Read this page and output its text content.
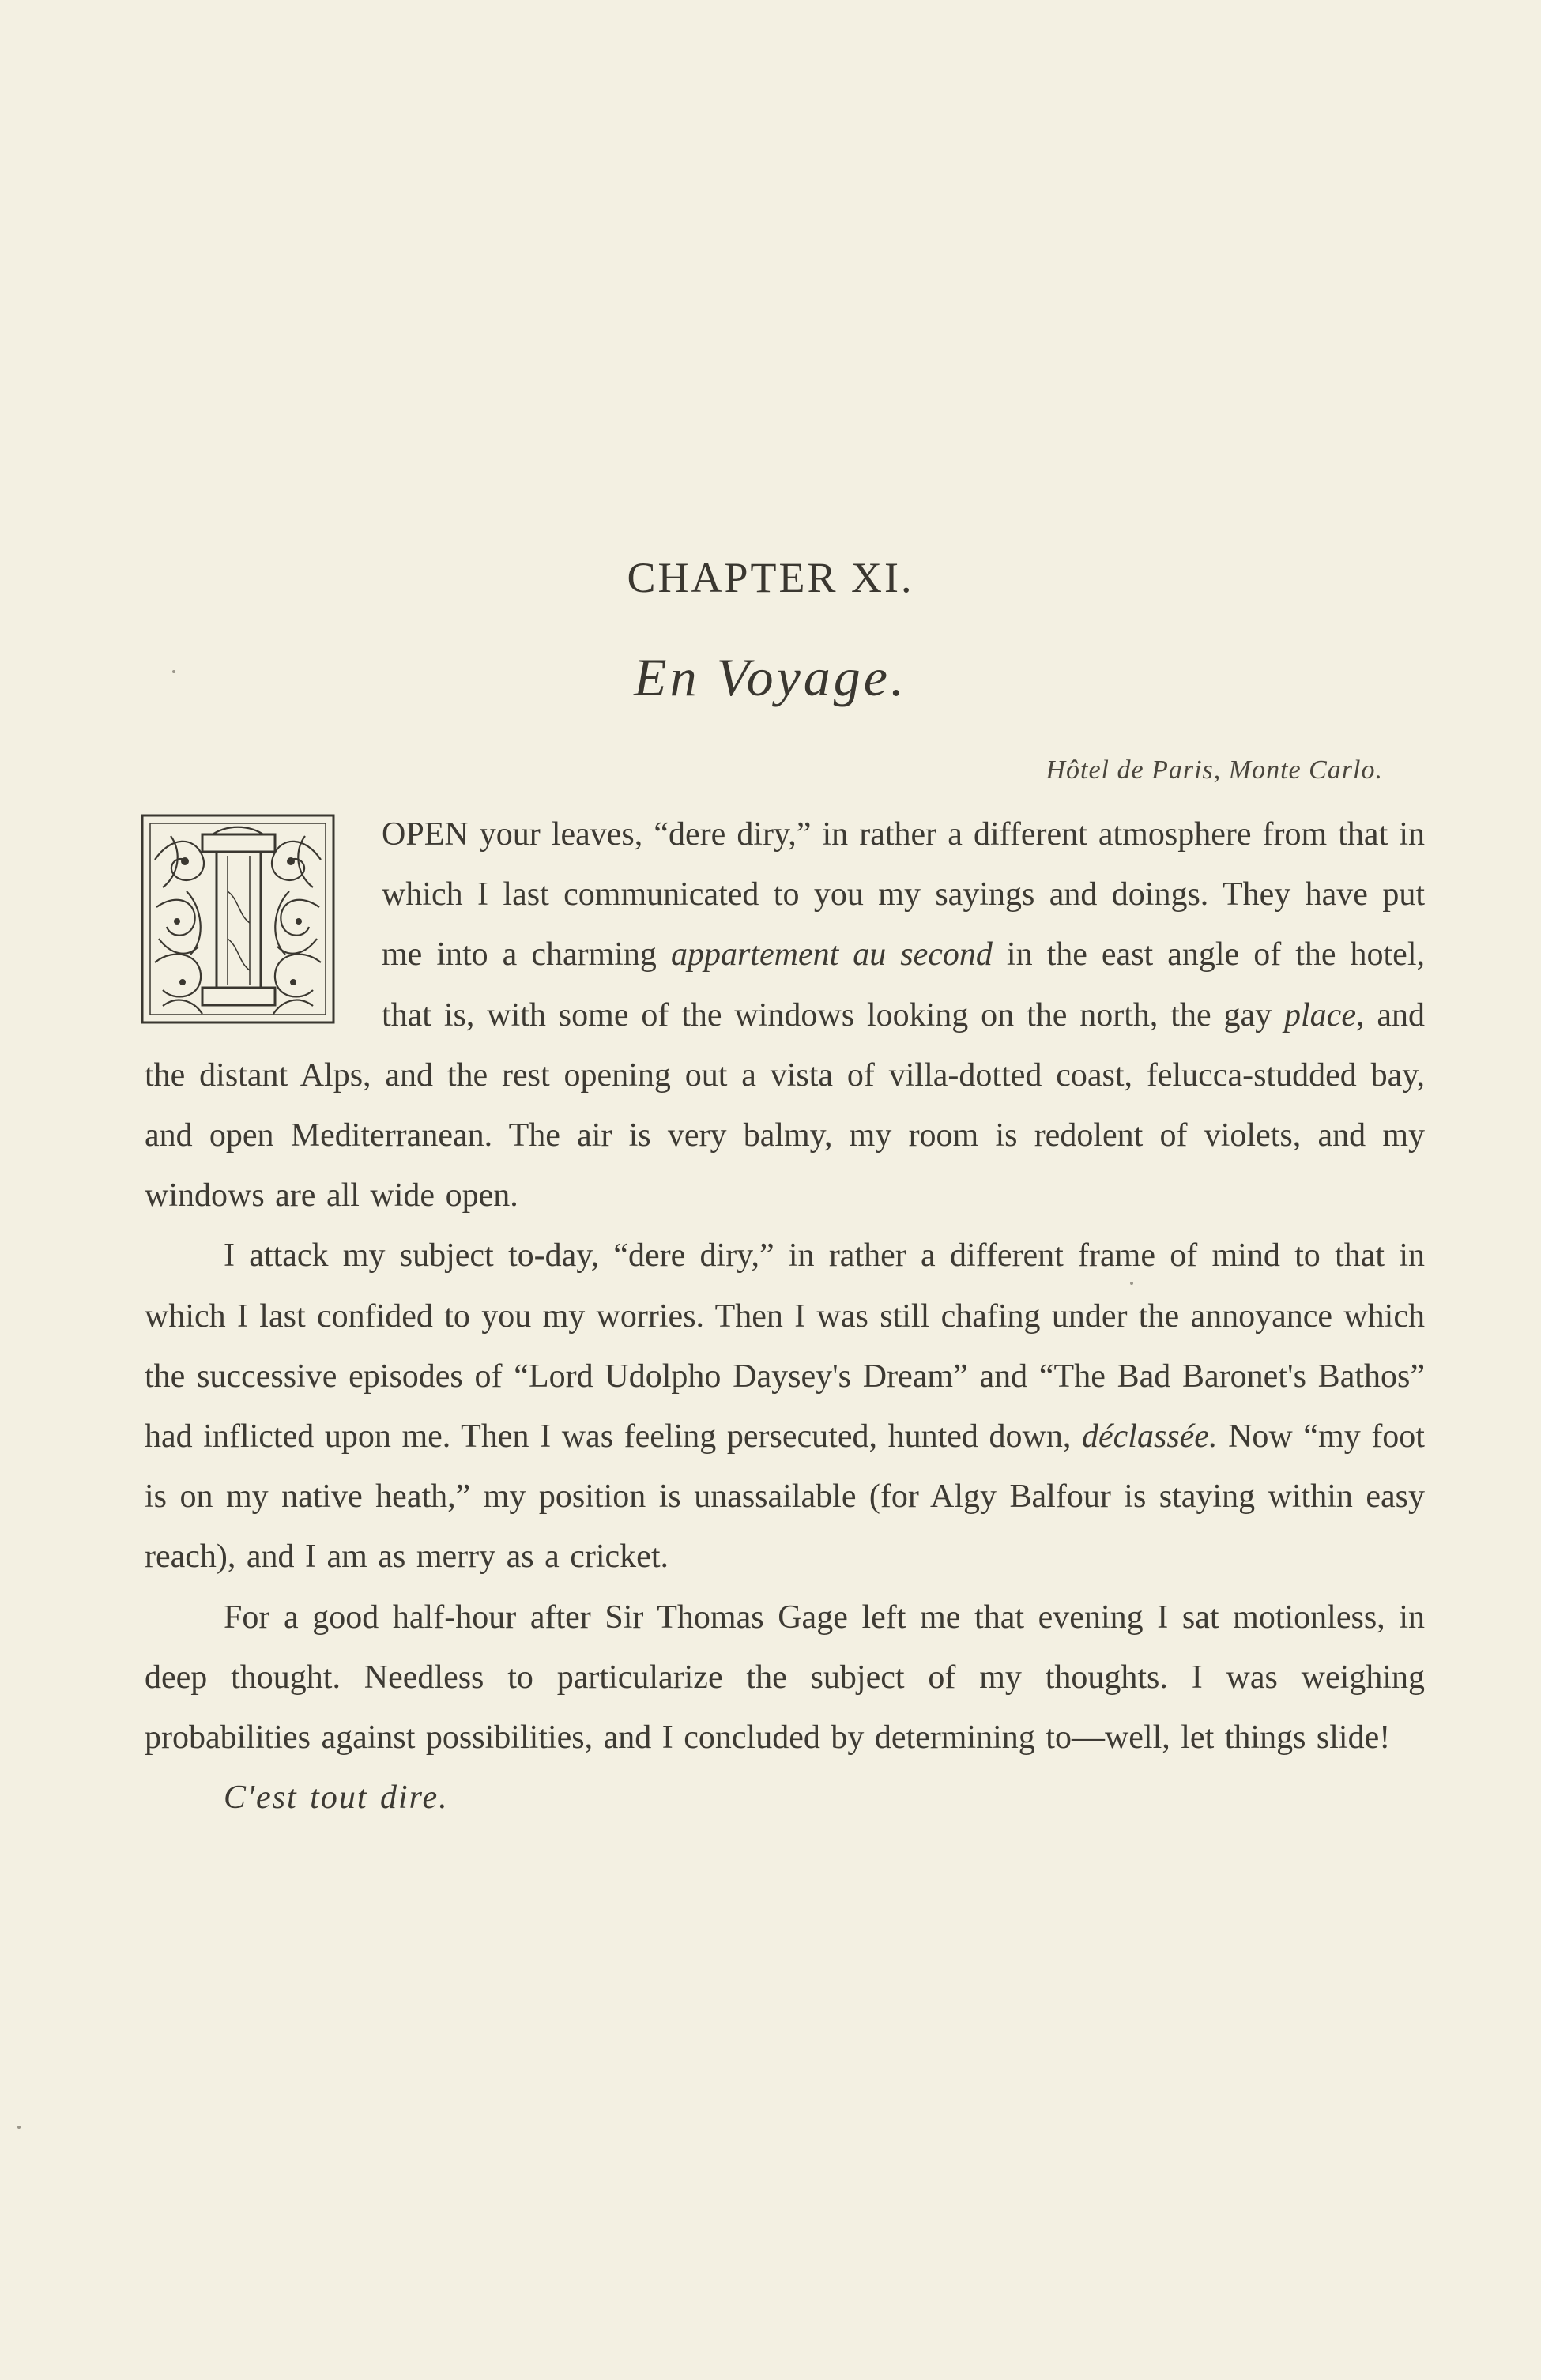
CHAPTER XI.
En Voyage.
Hôtel de Paris, Monte Carlo.

OPEN your leaves, “dere diry,” in rather a different atmosphere from that in which I last communicated to you my sayings and doings. They have put me into a charming appartement au second in the east angle of the hotel, that is, with some of the windows looking on the north, the gay place, and the distant Alps, and the rest opening out a vista of villa-dotted coast, felucca-studded bay, and open Mediterranean. The air is very balmy, my room is redolent of violets, and my windows are all wide open.

I attack my subject to-day, “dere diry,” in rather a different frame of mind to that in which I last confided to you my worries. Then I was still chafing under the annoyance which the successive episodes of “Lord Udolpho Daysey's Dream” and “The Bad Baronet's Bathos” had inflicted upon me. Then I was feeling persecuted, hunted down, déclassée. Now “my foot is on my native heath,” my position is unassailable (for Algy Balfour is staying within easy reach), and I am as merry as a cricket.

For a good half-hour after Sir Thomas Gage left me that evening I sat motionless, in deep thought. Needless to particularize the subject of my thoughts. I was weighing probabilities against possibilities, and I concluded by determining to—well, let things slide!

C'est tout dire.
